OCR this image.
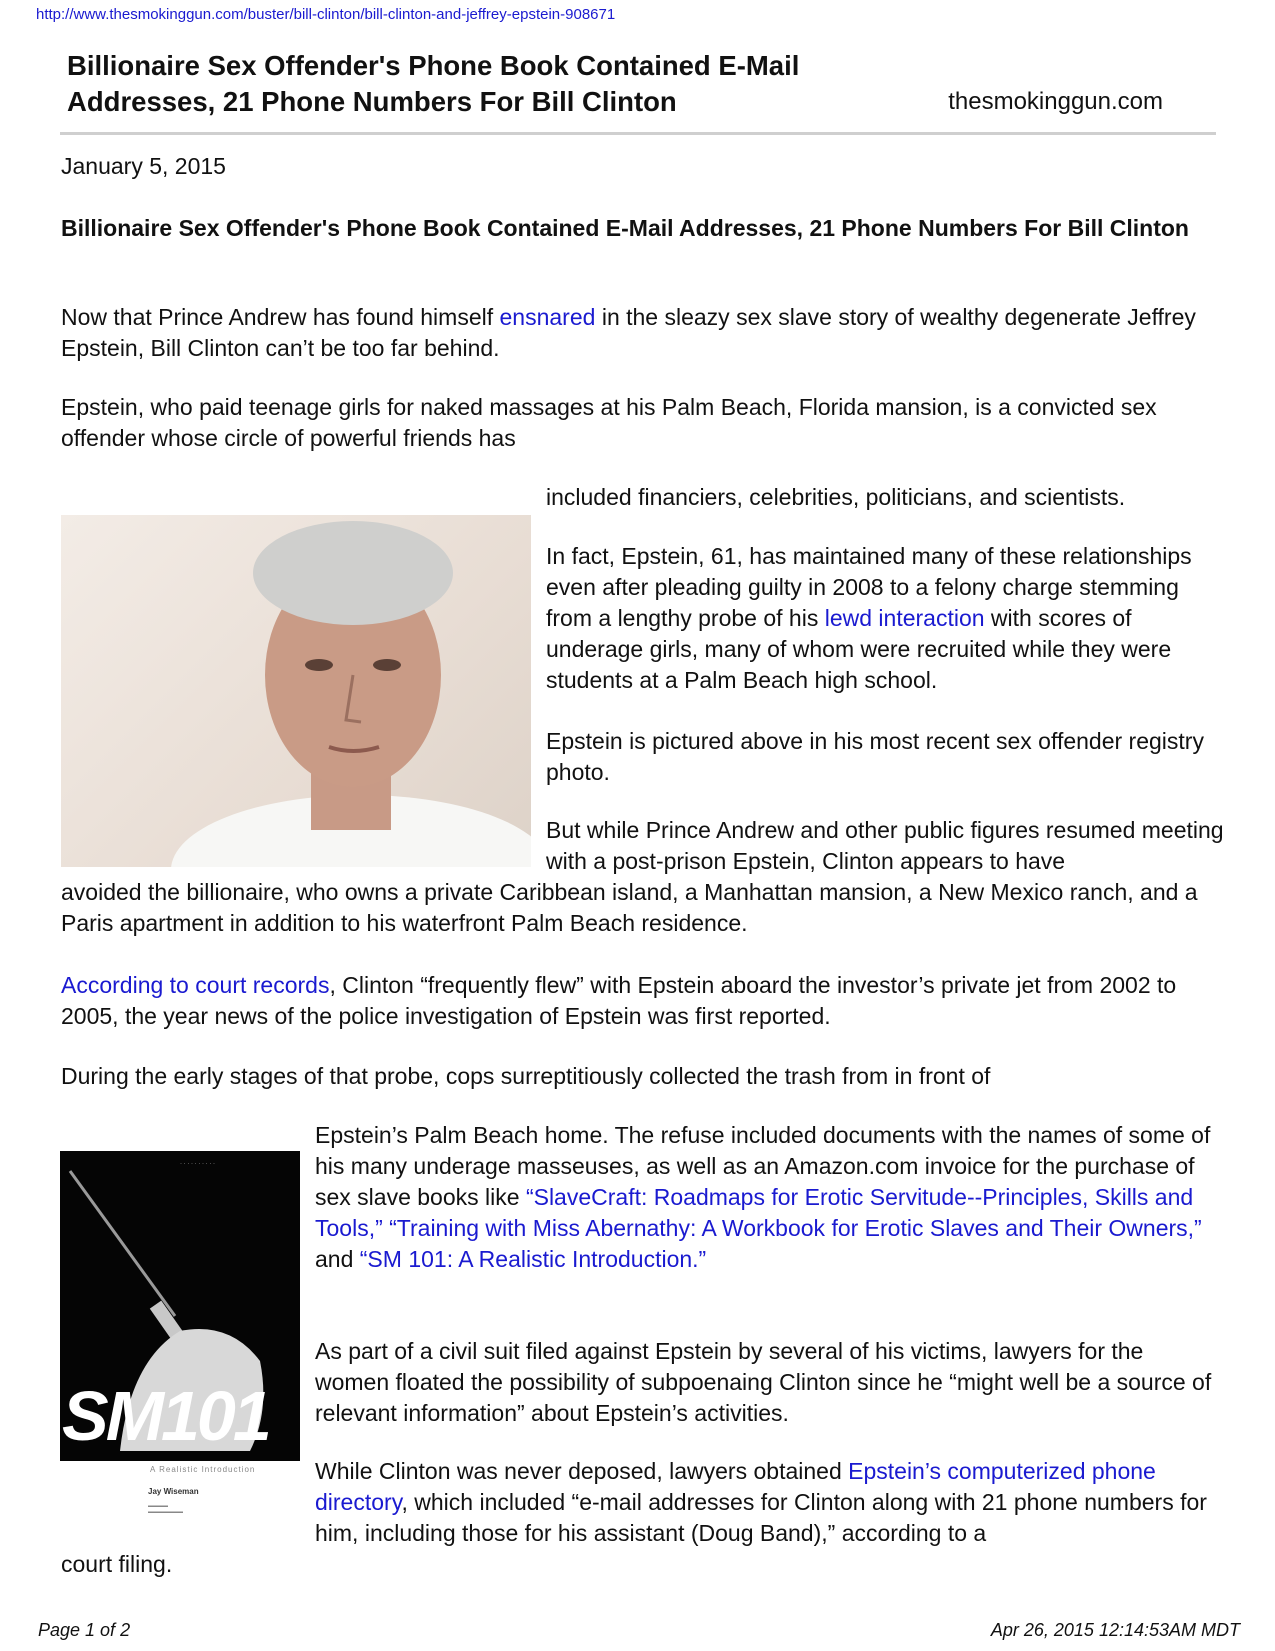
http://www.thesmokinggun.com/buster/bill-clinton/bill-clinton-and-jeffrey-epstein-908671
Billionaire Sex Offender's Phone Book Contained E-Mail
Addresses, 21 Phone Numbers For Bill Clinton	thesmokinggun.com
January 5, 2015
Billionaire Sex Offender's Phone Book Contained E-Mail Addresses, 21 Phone Numbers For Bill Clinton

Now that Prince Andrew has found himself ensnared in the sleazy sex slave story of wealthy degenerate Jeffrey Epstein, Bill Clinton can’t be too far behind.

Epstein, who paid teenage girls for naked massages at his Palm Beach, Florida mansion, is a convicted sex offender whose circle of powerful friends has

included financiers, celebrities, politicians, and scientists.

In fact, Epstein, 61, has maintained many of these relationships even after pleading guilty in 2008 to a felony charge stemming from a lengthy probe of his lewd interaction with scores of underage girls, many of whom were recruited while they were students at a Palm Beach high school.

Epstein is pictured above in his most recent sex offender registry photo.

But while Prince Andrew and other public figures resumed meeting with a post-prison Epstein, Clinton appears to have

avoided the billionaire, who owns a private Caribbean island, a Manhattan mansion, a New Mexico ranch, and a Paris apartment in addition to his waterfront Palm Beach residence.

According to court records, Clinton “frequently flew” with Epstein aboard the investor’s private jet from 2002 to 2005, the year news of the police investigation of Epstein was first reported.

During the early stages of that probe, cops surreptitiously collected the trash from in front of

· · · · · · · · · ·
SM101
A Realistic Introduction
Jay Wiseman
▬▬▬▬
▬▬▬▬▬▬▬

Epstein’s Palm Beach home. The refuse included documents with the names of some of his many underage masseuses, as well as an Amazon.com invoice for the purchase of sex slave books like “SlaveCraft: Roadmaps for Erotic Servitude--Principles, Skills and Tools,” “Training with Miss Abernathy: A Workbook for Erotic Slaves and Their Owners,” and “SM 101: A Realistic Introduction.”

As part of a civil suit filed against Epstein by several of his victims, lawyers for the women floated the possibility of subpoenaing Clinton since he “might well be a source of relevant information” about Epstein’s activities.

While Clinton was never deposed, lawyers obtained Epstein’s computerized phone directory, which included “e-mail addresses for Clinton along with 21 phone numbers for him, including those for his assistant (Doug Band),” according to a

court filing.

Page 1 of 2	Apr 26, 2015 12:14:53AM MDT
